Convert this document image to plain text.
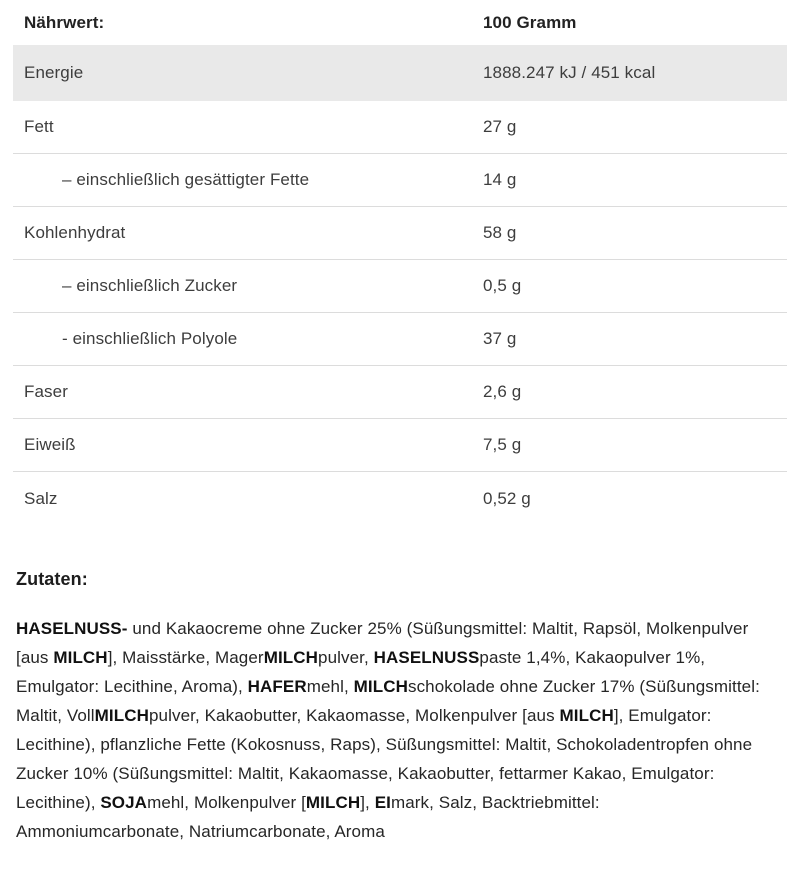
Nährwert:	100 Gramm
Energie	1888.247 kJ / 451 kcal
Fett	27 g
– einschließlich gesättigter Fette	14 g
Kohlenhydrat	58 g
– einschließlich Zucker	0,5 g
- einschließlich Polyole	37 g
Faser	2,6 g
Eiweiß	7,5 g
Salz	0,52 g
Zutaten:

HASELNUSS- und Kakaocreme ohne Zucker 25% (Süßungsmittel: Maltit, Rapsöl, Molkenpulver [aus MILCH], Maisstärke, MagerMILCHpulver, HASELNUSSpaste 1,4%, Kakaopulver 1%, Emulgator: Lecithine, Aroma), HAFERmehl, MILCHschokolade ohne Zucker 17% (Süßungsmittel: Maltit, VollMILCHpulver, Kakaobutter, Kakaomasse, Molkenpulver [aus MILCH], Emulgator: Lecithine), pflanzliche Fette (Kokosnuss, Raps), Süßungsmittel: Maltit, Schokoladentropfen ohne Zucker 10% (Süßungsmittel: Maltit, Kakaomasse, Kakaobutter, fettarmer Kakao, Emulgator: Lecithine), SOJAmehl, Molkenpulver [MILCH], EImark, Salz, Backtriebmittel: Ammoniumcarbonate, Natriumcarbonate, Aroma
